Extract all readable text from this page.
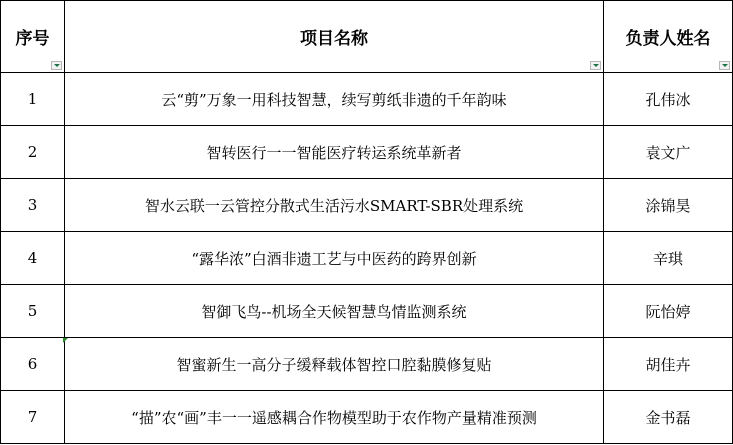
序号	项目名称	负责人姓名

1	云“剪”万象一用科技智慧，续写剪纸非遗的千年韵味	孔伟冰
2	智转医行一一智能医疗转运系统革新者	袁文广
3	智水云联一云管控分散式生活污水SMART-SBR处理系统	涂锦昊
4	“露华浓”白酒非遗工艺与中医药的跨界创新	辛琪
5	智御飞鸟--机场全天候智慧鸟情监测系统	阮怡婷
6	智蜜新生一高分子缓释载体智控口腔黏膜修复贴	胡佳卉
7	“描”农“画”丰一一遥感耦合作物模型助于农作物产量精准预测	金书磊
